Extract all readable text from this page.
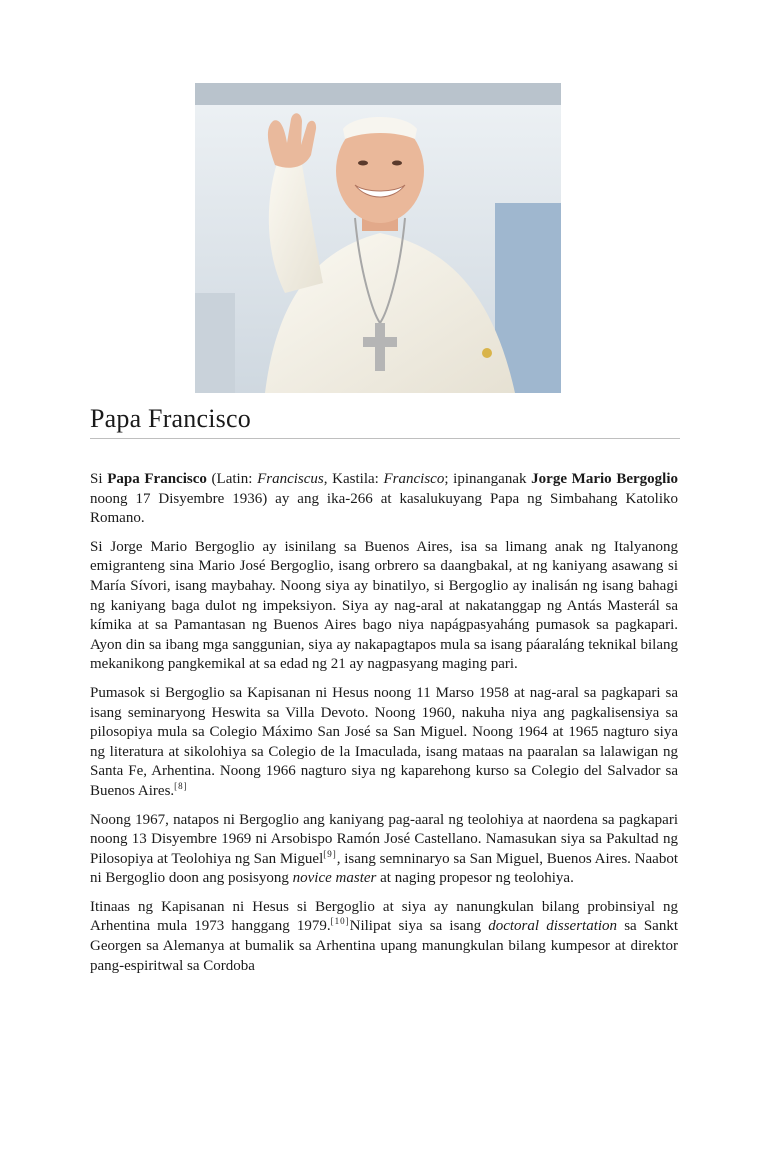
Papa Francisco

Si Papa Francisco (Latin: Franciscus, Kastila: Francisco; ipinanganak Jorge Mario Bergoglio noong 17 Disyembre 1936) ay ang ika-266 at kasalukuyang Papa ng Simbahang Katoliko Romano.

Si Jorge Mario Bergoglio ay isinilang sa Buenos Aires, isa sa limang anak ng Italyanong emigranteng sina Mario José Bergoglio, isang orbrero sa daangbakal, at ng kaniyang asawang si María Sívori, isang maybahay. Noong siya ay binatilyo, si Bergoglio ay inalisán ng isang bahagi ng kaniyang baga dulot ng impeksiyon. Siya ay nag-aral at nakatanggap ng Antás Masterál sa kímika at sa Pamantasan ng Buenos Aires bago niya napágpasyaháng pumasok sa pagkapari. Ayon din sa ibang mga sanggunian, siya ay nakapagtapos mula sa isang páaraláng teknikal bilang mekanikong pangkemikal at sa edad ng 21 ay nagpasyang maging pari.

Pumasok si Bergoglio sa Kapisanan ni Hesus noong 11 Marso 1958 at nag-aral sa pagkapari sa isang seminaryong Heswita sa Villa Devoto. Noong 1960, nakuha niya ang pagkalisensiya sa pilosopiya mula sa Colegio Máximo San José sa San Miguel. Noong 1964 at 1965 nagturo siya ng literatura at sikolohiya sa Colegio de la Imaculada, isang mataas na paaralan sa lalawigan ng Santa Fe, Arhentina. Noong 1966 nagturo siya ng kaparehong kurso sa Colegio del Salvador sa Buenos Aires.[8]

Noong 1967, natapos ni Bergoglio ang kaniyang pag-aaral ng teolohiya at naordena sa pagkapari noong 13 Disyembre 1969 ni Arsobispo Ramón José Castellano. Namasukan siya sa Pakultad ng Pilosopiya at Teolohiya ng San Miguel[9], isang semninaryo sa San Miguel, Buenos Aires. Naabot ni Bergoglio doon ang posisyong novice master at naging propesor ng teolohiya.

Itinaas ng Kapisanan ni Hesus si Bergoglio at siya ay nanungkulan bilang probinsiyal ng Arhentina mula 1973 hanggang 1979.[10]Nilipat siya sa isang doctoral dissertation sa Sankt Georgen sa Alemanya at bumalik sa Arhentina upang manungkulan bilang kumpesor at direktor pang-espiritwal sa Cordoba
